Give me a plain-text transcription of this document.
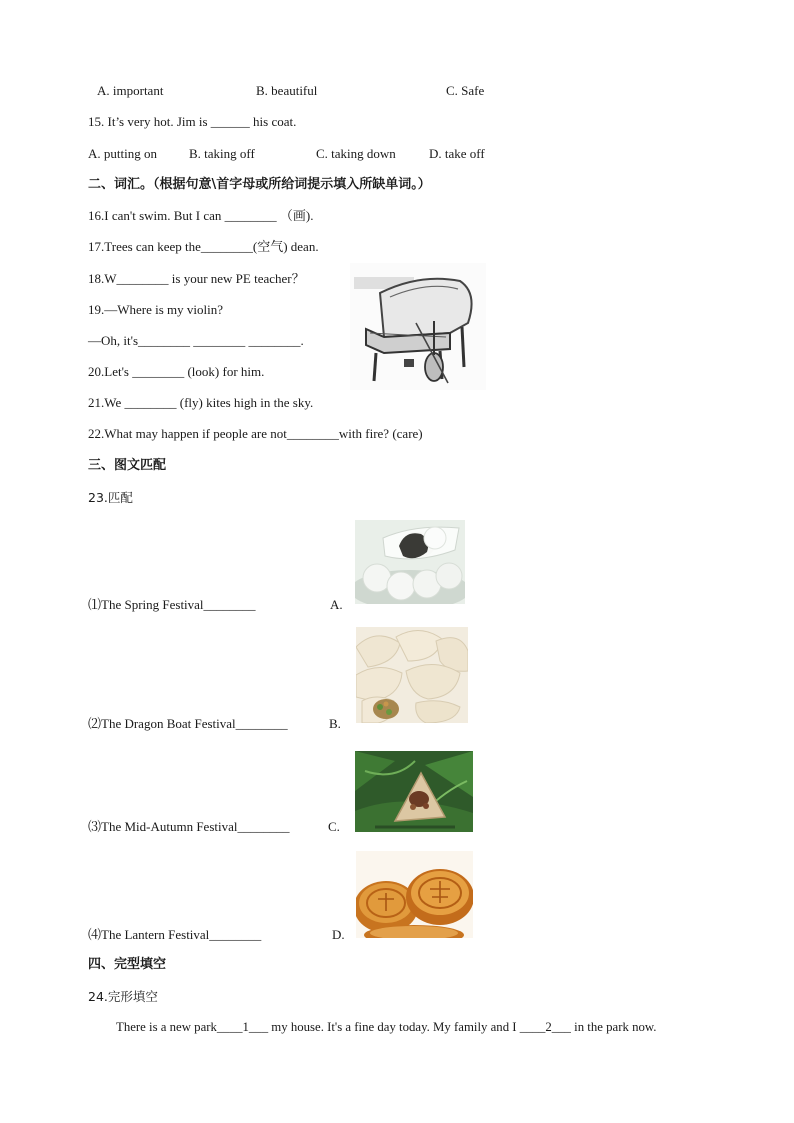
A. important	B. beautiful	C. Safe
15. It’s very hot. Jim is ______ his coat.
A. putting on B. taking off	C. taking down	D. take off
二、词汇。（根据句意\首字母或所给词提示填入所缺单词。）
16.I can't swim. But I can ________ （画).
17.Trees can keep the________(空气) dean.
18.W________ is your new PE teacher？
19.—Where is my violin?
—Oh, it's________ ________ ________.
20.Let's ________ (look) for him.
21.We ________ (fly) kites high in the sky.
22.What may happen if people are not________with fire? (care)
三、图文匹配
23.匹配
⑴The Spring Festival________	A.
⑵The Dragon Boat Festival________	B.
⑶The Mid-Autumn Festival________	C.
⑷The Lantern Festival________	D.
四、完型填空
24.完形填空
There is a new park____1___ my house. It's a fine day today. My family and I ____2___ in the park now.
